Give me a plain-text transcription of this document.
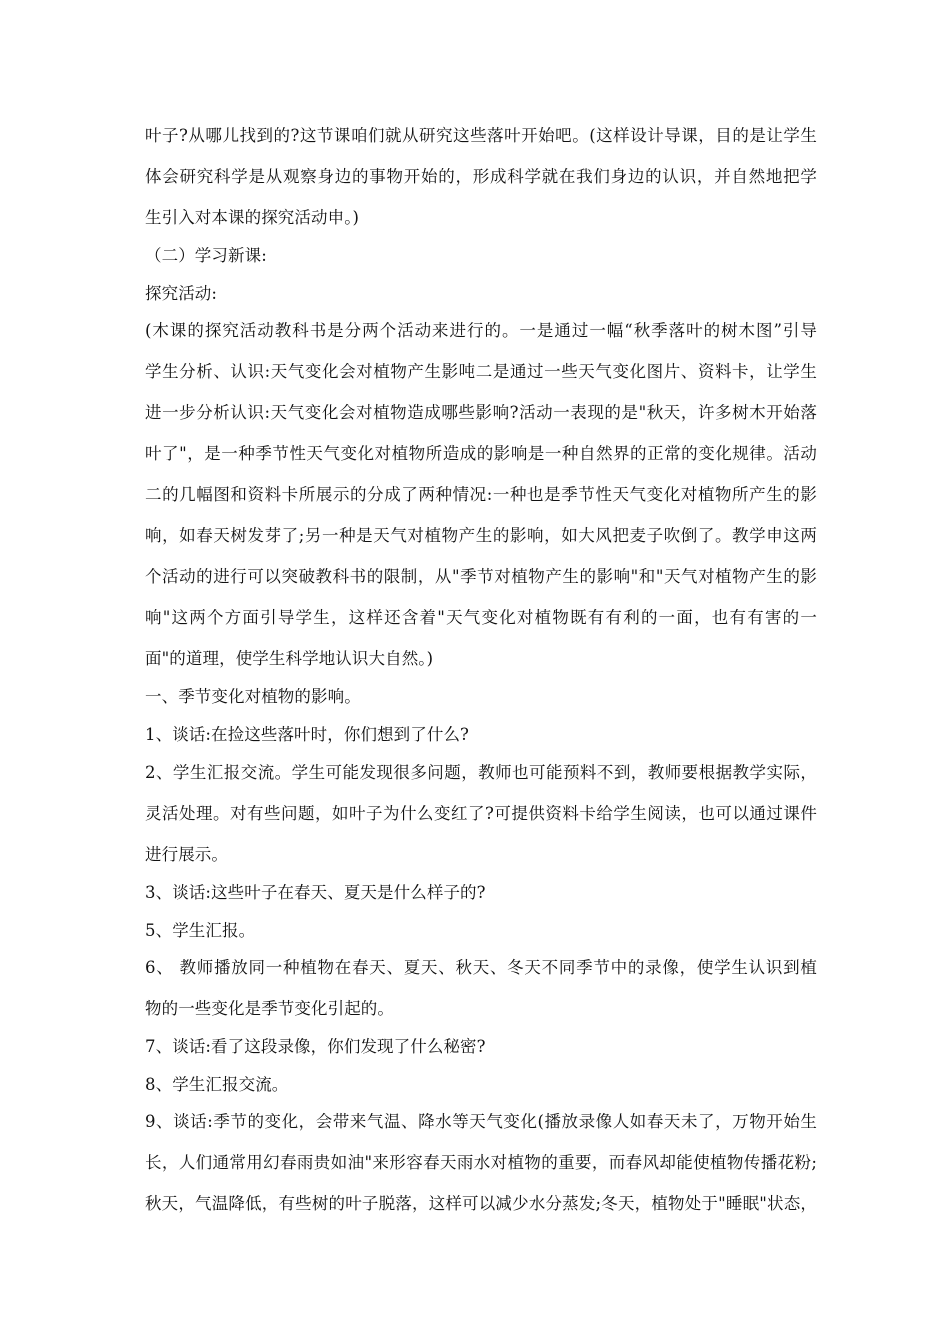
叶子?从哪儿找到的?这节课咱们就从研究这些落叶开始吧。(这样设计导课，目的是让学生
体会研究科学是从观察身边的事物开始的，形成科学就在我们身边的认识，并自然地把学
生引入对本课的探究活动申。)
（二）学习新课:
探究活动:
(木课的探究活动教科书是分两个活动来进行的。一是通过一幅“秋季落叶的树木图”引导
学生分析、认识:天气变化会对植物产生影吨二是通过一些天气变化图片、资料卡，让学生
进一步分析认识:天气变化会对植物造成哪些影响?活动一表现的是"秋天，许多树木开始落
叶了"，是一种季节性天气变化对植物所造成的影响是一种自然界的正常的变化规律。活动
二的几幅图和资料卡所展示的分成了两种情况:一种也是季节性天气变化对植物所产生的影
响，如春天树发芽了;另一种是天气对植物产生的影响，如大风把麦子吹倒了。教学申这两
个活动的进行可以突破教科书的限制，从"季节对植物产生的影响"和"天气对植物产生的影
响"这两个方面引导学生，这样还含着"天气变化对植物既有有利的一面，也有有害的一
面"的道理，使学生科学地认识大自然。)
一、季节变化对植物的影响。
1、谈话:在捡这些落叶时，你们想到了什么?
2、学生汇报交流。学生可能发现很多问题，教师也可能预料不到，教师要根据教学实际，
灵活处理。对有些问题，如叶子为什么变红了?可提供资料卡给学生阅读，也可以通过课件
进行展示。
3、谈话:这些叶子在春天、夏天是什么样子的?
5、学生汇报。
6、 教师播放同一种植物在春天、夏天、秋天、冬天不同季节中的录像，使学生认识到植
物的一些变化是季节变化引起的。
7、谈话:看了这段录像，你们发现了什么秘密?
8、学生汇报交流。
9、谈话:季节的变化，会带来气温、降水等天气变化(播放录像人如春天未了，万物开始生
长，人们通常用幻春雨贵如油"来形容春天雨水对植物的重要，而春风却能使植物传播花粉;
秋天，气温降低，有些树的叶子脱落，这样可以减少水分蒸发;冬天，植物处于"睡眠"状态，
